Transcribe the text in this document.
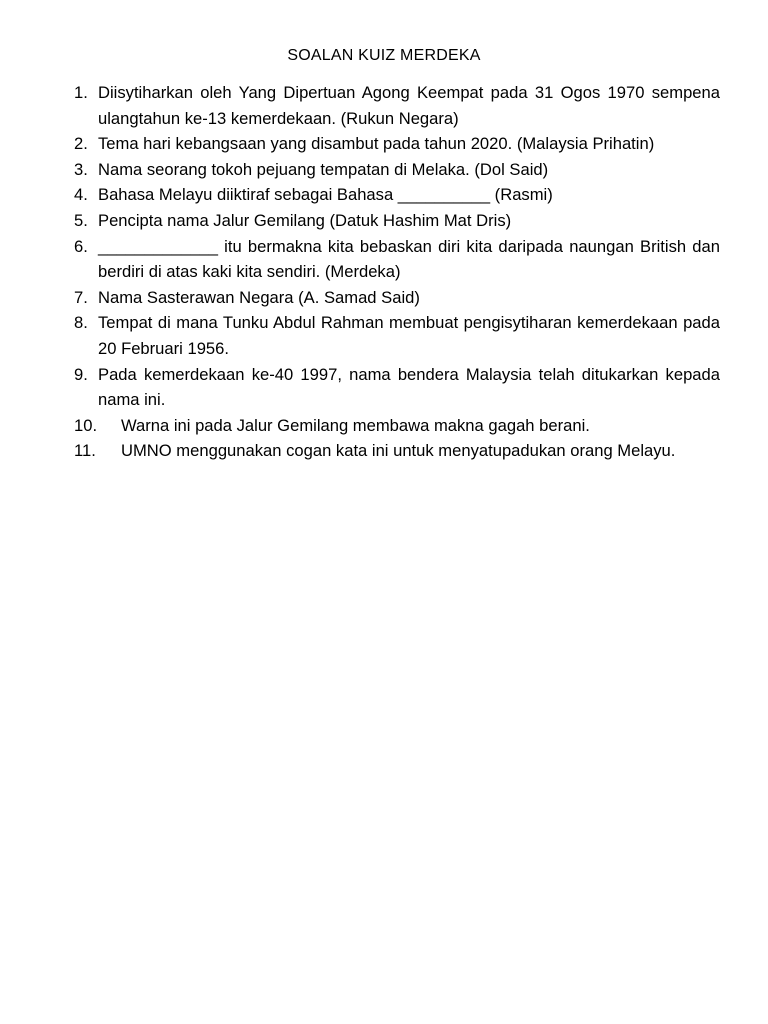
SOALAN KUIZ MERDEKA
1. Diisytiharkan oleh Yang Dipertuan Agong Keempat pada 31 Ogos 1970 sempena ulangtahun ke-13 kemerdekaan. (Rukun Negara)
2. Tema hari kebangsaan yang disambut pada tahun 2020. (Malaysia Prihatin)
3. Nama seorang tokoh pejuang tempatan di Melaka. (Dol Said)
4. Bahasa Melayu diiktiraf sebagai Bahasa __________ (Rasmi)
5. Pencipta nama Jalur Gemilang (Datuk Hashim Mat Dris)
6. _____________ itu bermakna kita bebaskan diri kita daripada naungan British dan berdiri di atas kaki kita sendiri. (Merdeka)
7. Nama Sasterawan Negara (A. Samad Said)
8. Tempat di mana Tunku Abdul Rahman membuat pengisytiharan kemerdekaan pada 20 Februari 1956.
9. Pada kemerdekaan ke-40 1997, nama bendera Malaysia telah ditukarkan kepada nama ini.
10. Warna ini pada Jalur Gemilang membawa makna gagah berani.
11. UMNO menggunakan cogan kata ini untuk menyatupadukan orang Melayu.
